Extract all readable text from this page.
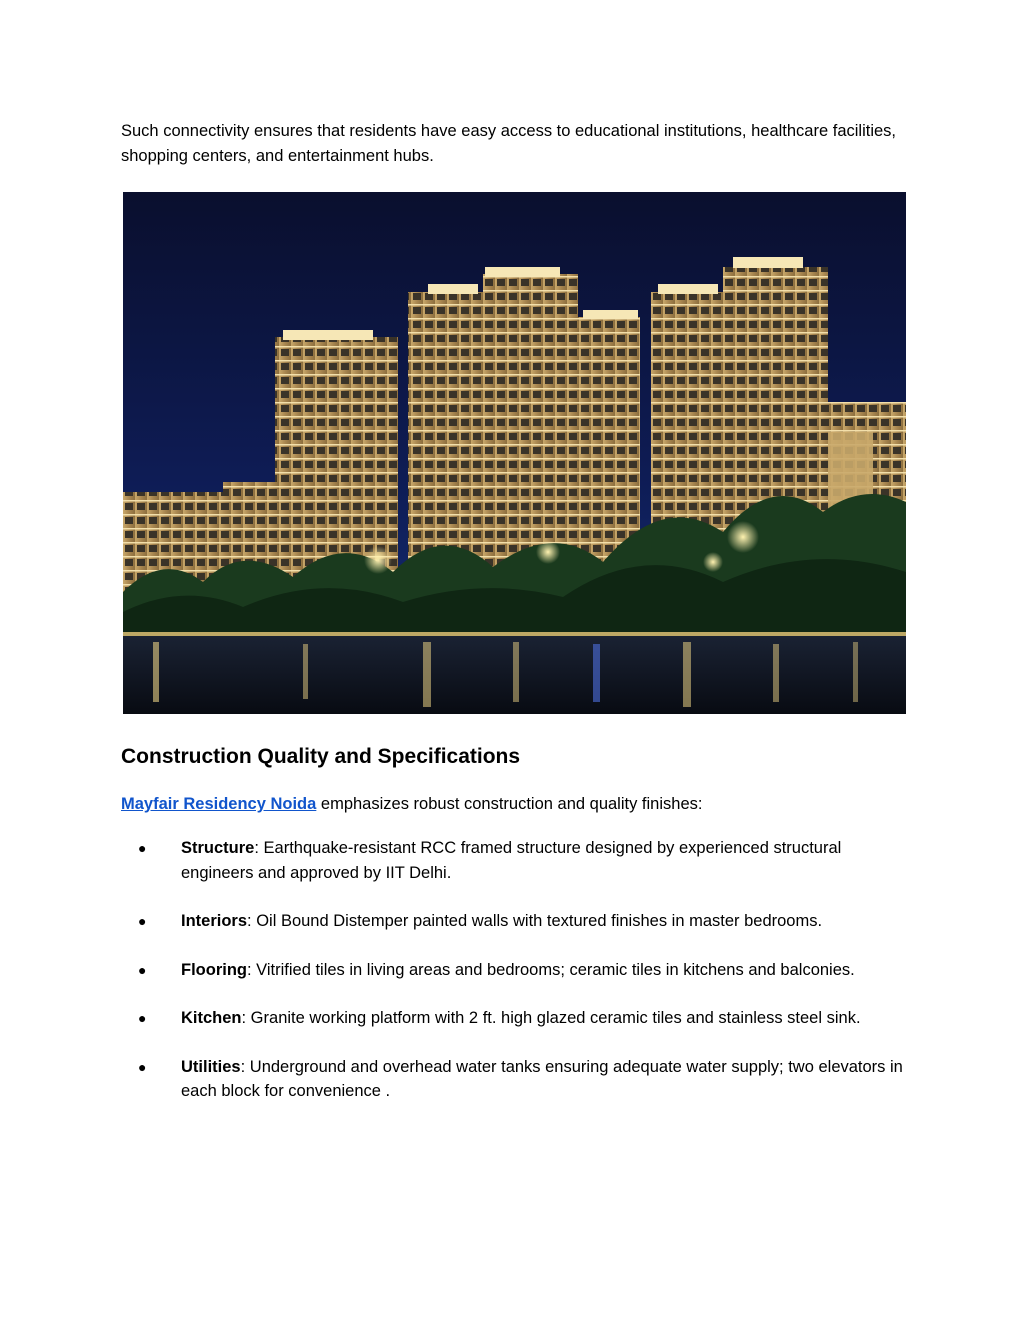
Such connectivity ensures that residents have easy access to educational institutions, healthcare facilities, shopping centers, and entertainment hubs.

Construction Quality and Specifications

Mayfair Residency Noida emphasizes robust construction and quality finishes:

● Structure: Earthquake-resistant RCC framed structure designed by experienced structural engineers and approved by IIT Delhi.
● Interiors: Oil Bound Distemper painted walls with textured finishes in master bedrooms.
● Flooring: Vitrified tiles in living areas and bedrooms; ceramic tiles in kitchens and balconies.
● Kitchen: Granite working platform with 2 ft. high glazed ceramic tiles and stainless steel sink.
● Utilities: Underground and overhead water tanks ensuring adequate water supply; two elevators in each block for convenience .
